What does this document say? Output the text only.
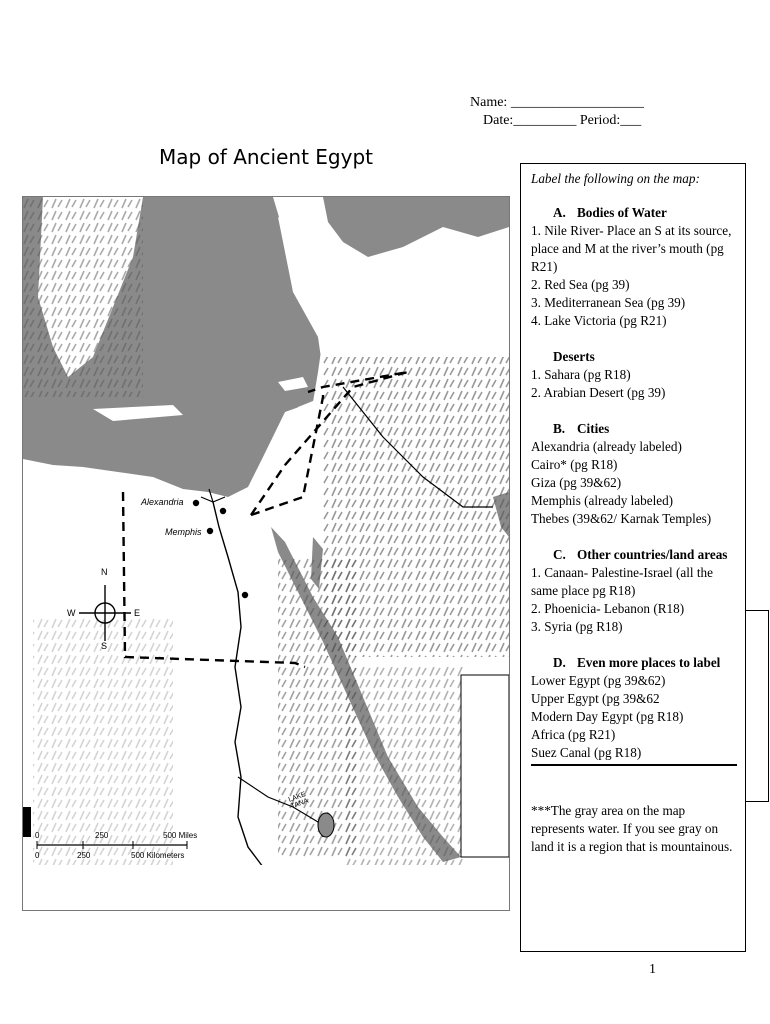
Name: ___________________
Date:_________ Period:___
Map of Ancient Egypt
Alexandria
Memphis
LAKE TANA
N
S
W	E
0	250	500 Miles
0	250	500 Kilometers
Label the following on the map:
A. Bodies of Water
1. Nile River- Place an S at its source, place and M at the river’s mouth (pg R21)
2. Red Sea (pg 39)
3. Mediterranean Sea (pg 39)
4. Lake Victoria (pg R21)
Deserts
1. Sahara (pg R18)
2. Arabian Desert (pg 39)
B. Cities
Alexandria (already labeled)
Cairo* (pg R18)
Giza (pg 39&62)
Memphis (already labeled)
Thebes (39&62/ Karnak Temples)
C. Other countries/land areas
1. Canaan- Palestine-Israel (all the same place pg R18)
2. Phoenicia- Lebanon (R18)
3. Syria (pg R18)
D. Even more places to label
Lower Egypt (pg 39&62)
Upper Egypt (pg 39&62
Modern Day Egypt (pg R18)
Africa (pg R21)
Suez Canal (pg R18)
***The gray area on the map represents water. If you see gray on land it is a region that is mountainous.
1
